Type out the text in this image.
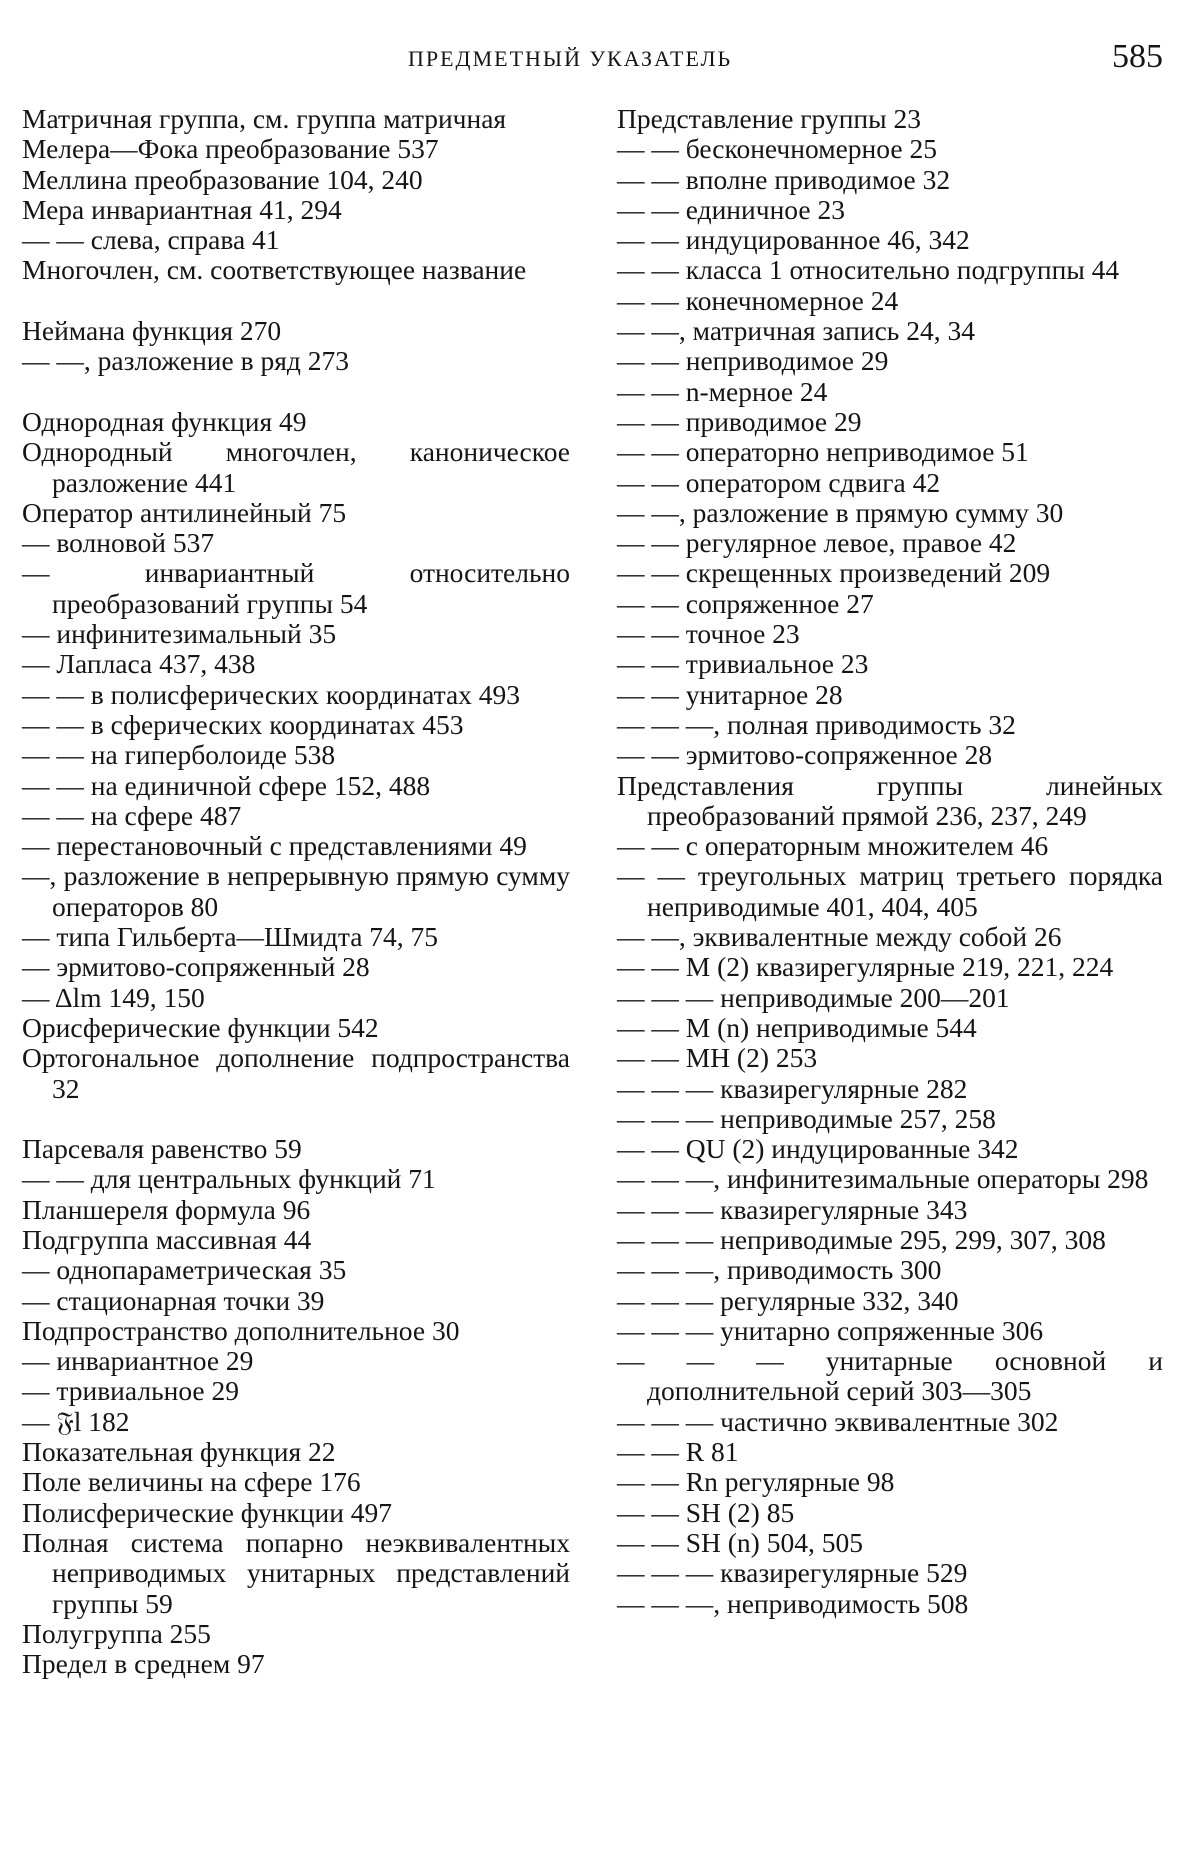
ПРЕДМЕТНЫЙ УКАЗАТЕЛЬ	585
Матричная группа, см. группа матричная
Мелера—Фока преобразование 537
Меллина преобразование 104, 240
Мера инвариантная 41, 294
— — слева, справа 41
Многочлен, см. соответствующее название
Неймана функция 270
— —, разложение в ряд 273
Однородная функция 49
Однородный многочлен, каноническое разложение 441
Оператор антилинейный 75
— волновой 537
— инвариантный относительно преобразований группы 54
— инфинитезимальный 35
— Лапласа 437, 438
— — в полисферических координатах 493
— — в сферических координатах 453
— — на гиперболоиде 538
— — на единичной сфере 152, 488
— — на сфере 487
— перестановочный с представлениями 49
—, разложение в непрерывную прямую сумму операторов 80
— типа Гильберта—Шмидта 74, 75
— эрмитово-сопряженный 28
— Δlm 149, 150
Орисферические функции 542
Ортогональное дополнение подпространства 32
Парсеваля равенство 59
— — для центральных функций 71
Планшереля формула 96
Подгруппа массивная 44
— однопараметрическая 35
— стационарная точки 39
Подпространство дополнительное 30
— инвариантное 29
— тривиальное 29
— 𝔉l 182
Показательная функция 22
Поле величины на сфере 176
Полисферические функции 497
Полная система попарно неэквивалентных неприводимых унитарных представлений группы 59
Полугруппа 255
Предел в среднем 97
Представление группы 23
— — бесконечномерное 25
— — вполне приводимое 32
— — единичное 23
— — индуцированное 46, 342
— — класса 1 относительно подгруппы 44
— — конечномерное 24
— —, матричная запись 24, 34
— — неприводимое 29
— — n-мерное 24
— — приводимое 29
— — операторно неприводимое 51
— — оператором сдвига 42
— —, разложение в прямую сумму 30
— — регулярное левое, правое 42
— — скрещенных произведений 209
— — сопряженное 27
— — точное 23
— — тривиальное 23
— — унитарное 28
— — —, полная приводимость 32
— — эрмитово-сопряженное 28
Представления группы линейных преобразований прямой 236, 237, 249
— — с операторным множителем 46
— — треугольных матриц третьего порядка неприводимые 401, 404, 405
— —, эквивалентные между собой 26
— — M (2) квазирегулярные 219, 221, 224
— — — неприводимые 200—201
— — M (n) неприводимые 544
— — MH (2) 253
— — — квазирегулярные 282
— — — неприводимые 257, 258
— — QU (2) индуцированные 342
— — —, инфинитезимальные операторы 298
— — — квазирегулярные 343
— — — неприводимые 295, 299, 307, 308
— — —, приводимость 300
— — — регулярные 332, 340
— — — унитарно сопряженные 306
— — — унитарные основной и дополнительной серий 303—305
— — — частично эквивалентные 302
— — R 81
— — Rn регулярные 98
— — SH (2) 85
— — SH (n) 504, 505
— — — квазирегулярные 529
— — —, неприводимость 508
